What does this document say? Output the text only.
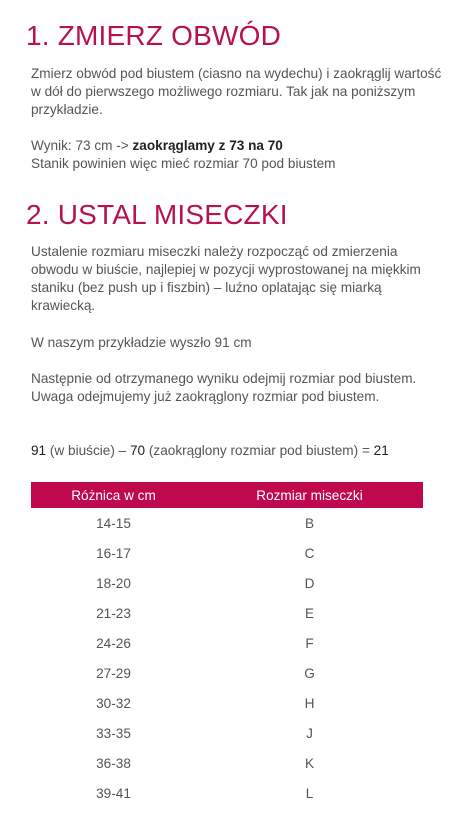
1. ZMIERZ OBWÓD

Zmierz obwód pod biustem (ciasno na wydechu) i zaokrąglij wartość w dół do pierwszego możliwego rozmiaru. Tak jak na poniższym przykładzie.

Wynik: 73 cm -> zaokrąglamy z 73 na 70
Stanik powinien więc mieć rozmiar 70 pod biustem

2. USTAL MISECZKI

Ustalenie rozmiaru miseczki należy rozpocząć od zmierzenia obwodu w biuście, najlepiej w pozycji wyprostowanej na miękkim staniku (bez push up i fiszbin) – luźno oplatając się miarką krawiecką.

W naszym przykładzie wyszło 91 cm

Następnie od otrzymanego wyniku odejmij rozmiar pod biustem. Uwaga odejmujemy już zaokrąglony rozmiar pod biustem.

91 (w biuście) – 70 (zaokrąglony rozmiar pod biustem) = 21

Różnica w cm	Rozmiar miseczki
14-15	B
16-17	C
18-20	D
21-23	E
24-26	F
27-29	G
30-32	H
33-35	J
36-38	K
39-41	L
